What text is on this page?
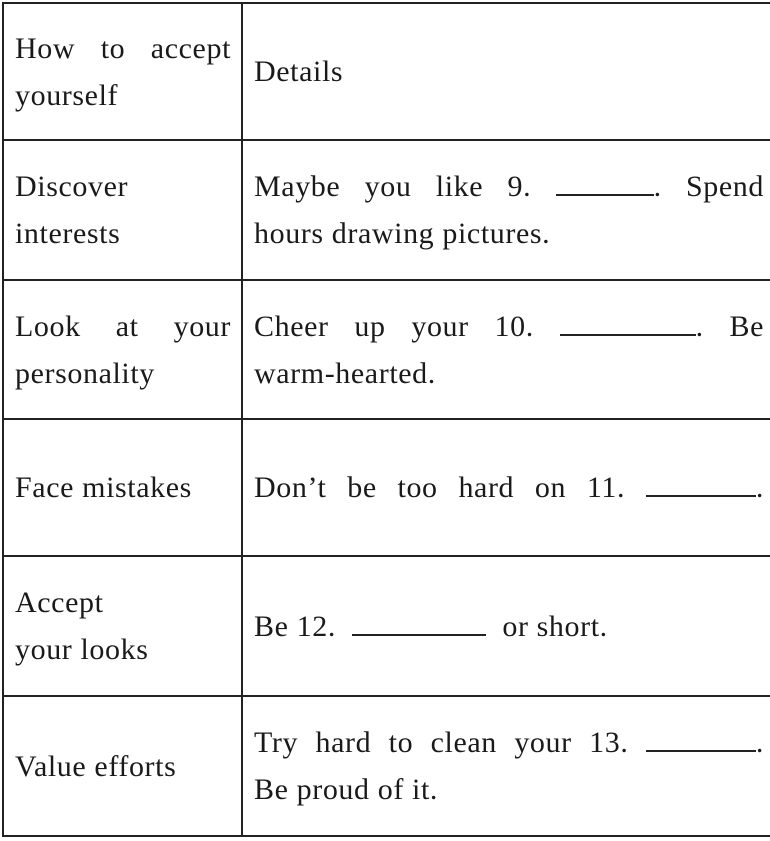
How to accept
yourself	Details

Discover
interests	Maybe you like 9. . Spend
hours drawing pictures.

Look at your
personality	Cheer up your 10. . Be
warm-hearted.

Face mistakes	Don’t be too hard on 11. .

Accept
your looks	Be 12. or short.
Value efforts	Try hard to clean your 13. .
Be proud of it.
